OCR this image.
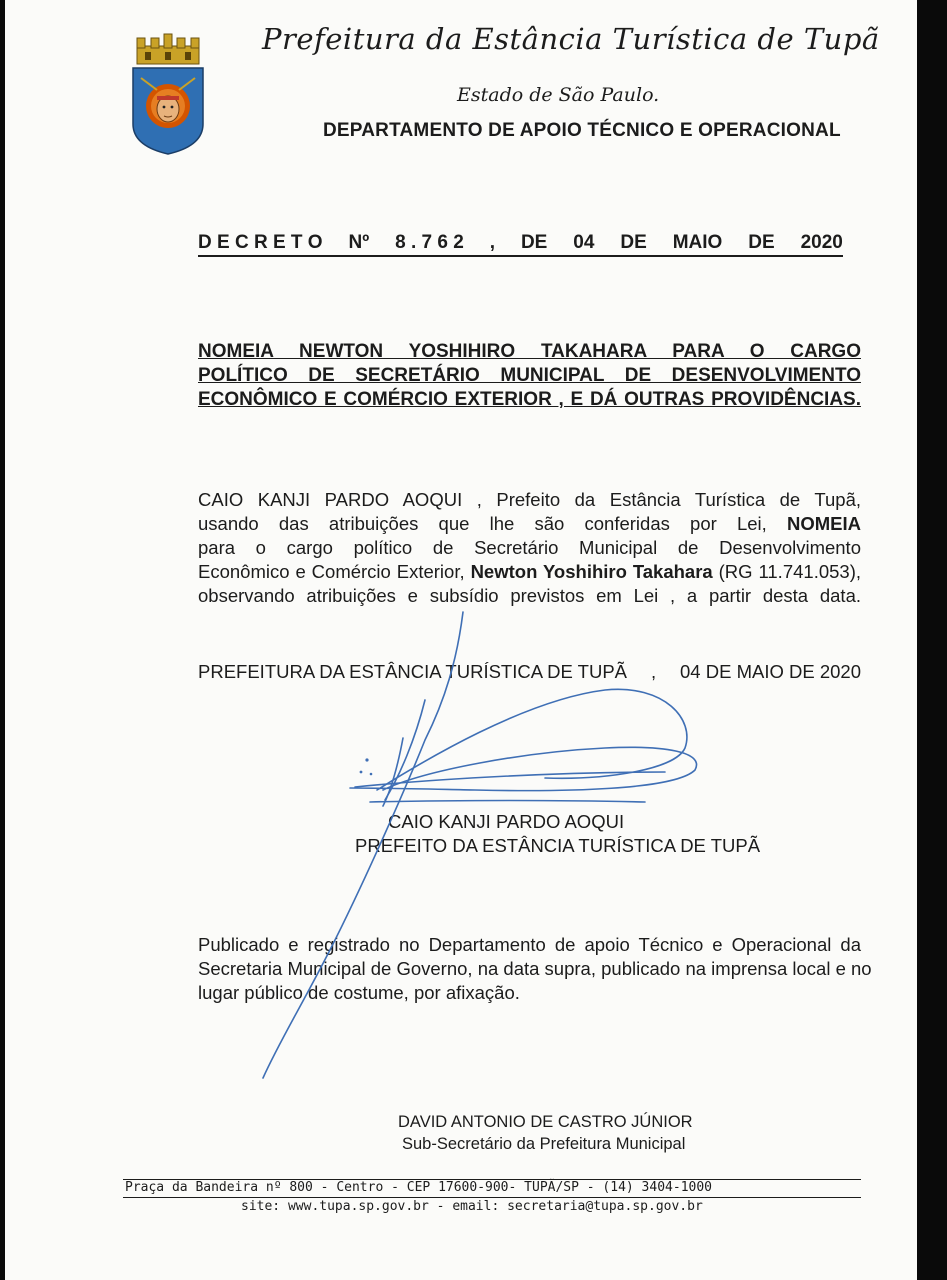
Prefeitura da Estância Turística de Tupã
Estado de São Paulo.
DEPARTAMENTO DE APOIO TÉCNICO E OPERACIONAL
D E C R E T O Nº 8 . 7 6 2 , DE 04 DE MAIO DE 2020
NOMEIA NEWTON YOSHIHIRO TAKAHARA PARA O CARGO
POLÍTICO DE SECRETÁRIO MUNICIPAL DE DESENVOLVIMENTO
ECONÔMICO E COMÉRCIO EXTERIOR , E DÁ OUTRAS PROVIDÊNCIAS.
CAIO KANJI PARDO AOQUI , Prefeito da Estância Turística de Tupã,
usando das atribuições que lhe são conferidas por Lei, NOMEIA
para o cargo político de Secretário Municipal de Desenvolvimento
Econômico e Comércio Exterior, Newton Yoshihiro Takahara (RG 11.741.053),
observando atribuições e subsídio previstos em Lei , a partir desta data.
PREFEITURA DA ESTÂNCIA TURÍSTICA DE TUPÃ , 04 DE MAIO DE 2020
CAIO KANJI PARDO AOQUI
PREFEITO DA ESTÂNCIA TURÍSTICA DE TUPÃ
Publicado e registrado no Departamento de apoio Técnico e Operacional da
Secretaria Municipal de Governo, na data supra, publicado na imprensa local e no
lugar público de costume, por afixação.
DAVID ANTONIO DE CASTRO JÚNIOR
Sub-Secretário da Prefeitura Municipal
Praça da Bandeira nº 800 - Centro - CEP 17600-900- TUPÃ/SP - (14) 3404-1000
site: www.tupa.sp.gov.br - email: secretaria@tupa.sp.gov.br
